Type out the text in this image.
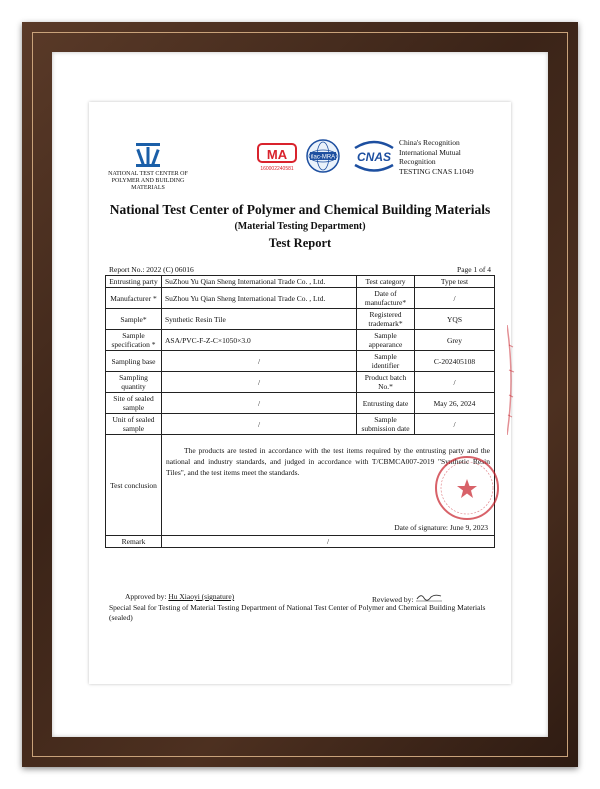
NATIONAL TEST CENTER OF POLYMER AND BUILDING MATERIALS
MA
160002240581
ilac-MRA CNAS
China's Recognition
International Mutual
Recognition
TESTING CNAS L1049
National Test Center of Polymer and Chemical Building Materials
(Material Testing Department)
Test Report
Report No.: 2022 (C) 06016	Page 1 of 4
Entrusting party	SuZhou Yu Qian Sheng International Trade Co. , Ltd.	Test category	Type test
Manufacturer *	SuZhou Yu Qian Sheng International Trade Co. , Ltd.	Date of manufacture*	/
Sample*	Synthetic Resin Tile	Registered trademark*	YQS
Sample specification *	ASA/PVC-F-Z-C×1050×3.0	Sample appearance	Grey
Sampling base	/	Sample identifier	C-202405108
Sampling quantity	/	Product batch No.*	/
Site of sealed sample	/	Entrusting date	May 26, 2024
Unit of sealed sample	/	Sample submission date	/
Test conclusion	The products are tested in accordance with the test items required by the entrusting party and the national and industry standards, and judged in accordance with T/CBMCA007-2019 "Synthetic Resin Tiles", and the test items meet the standards.
Date of signature: June 9, 2023		

Remark	/		
Approved by: Hu Xiaoyi (signature)	Reviewed by:
Special Seal for Testing of Material Testing Department of National Test Center of Polymer and Chemical Building Materials (sealed)
